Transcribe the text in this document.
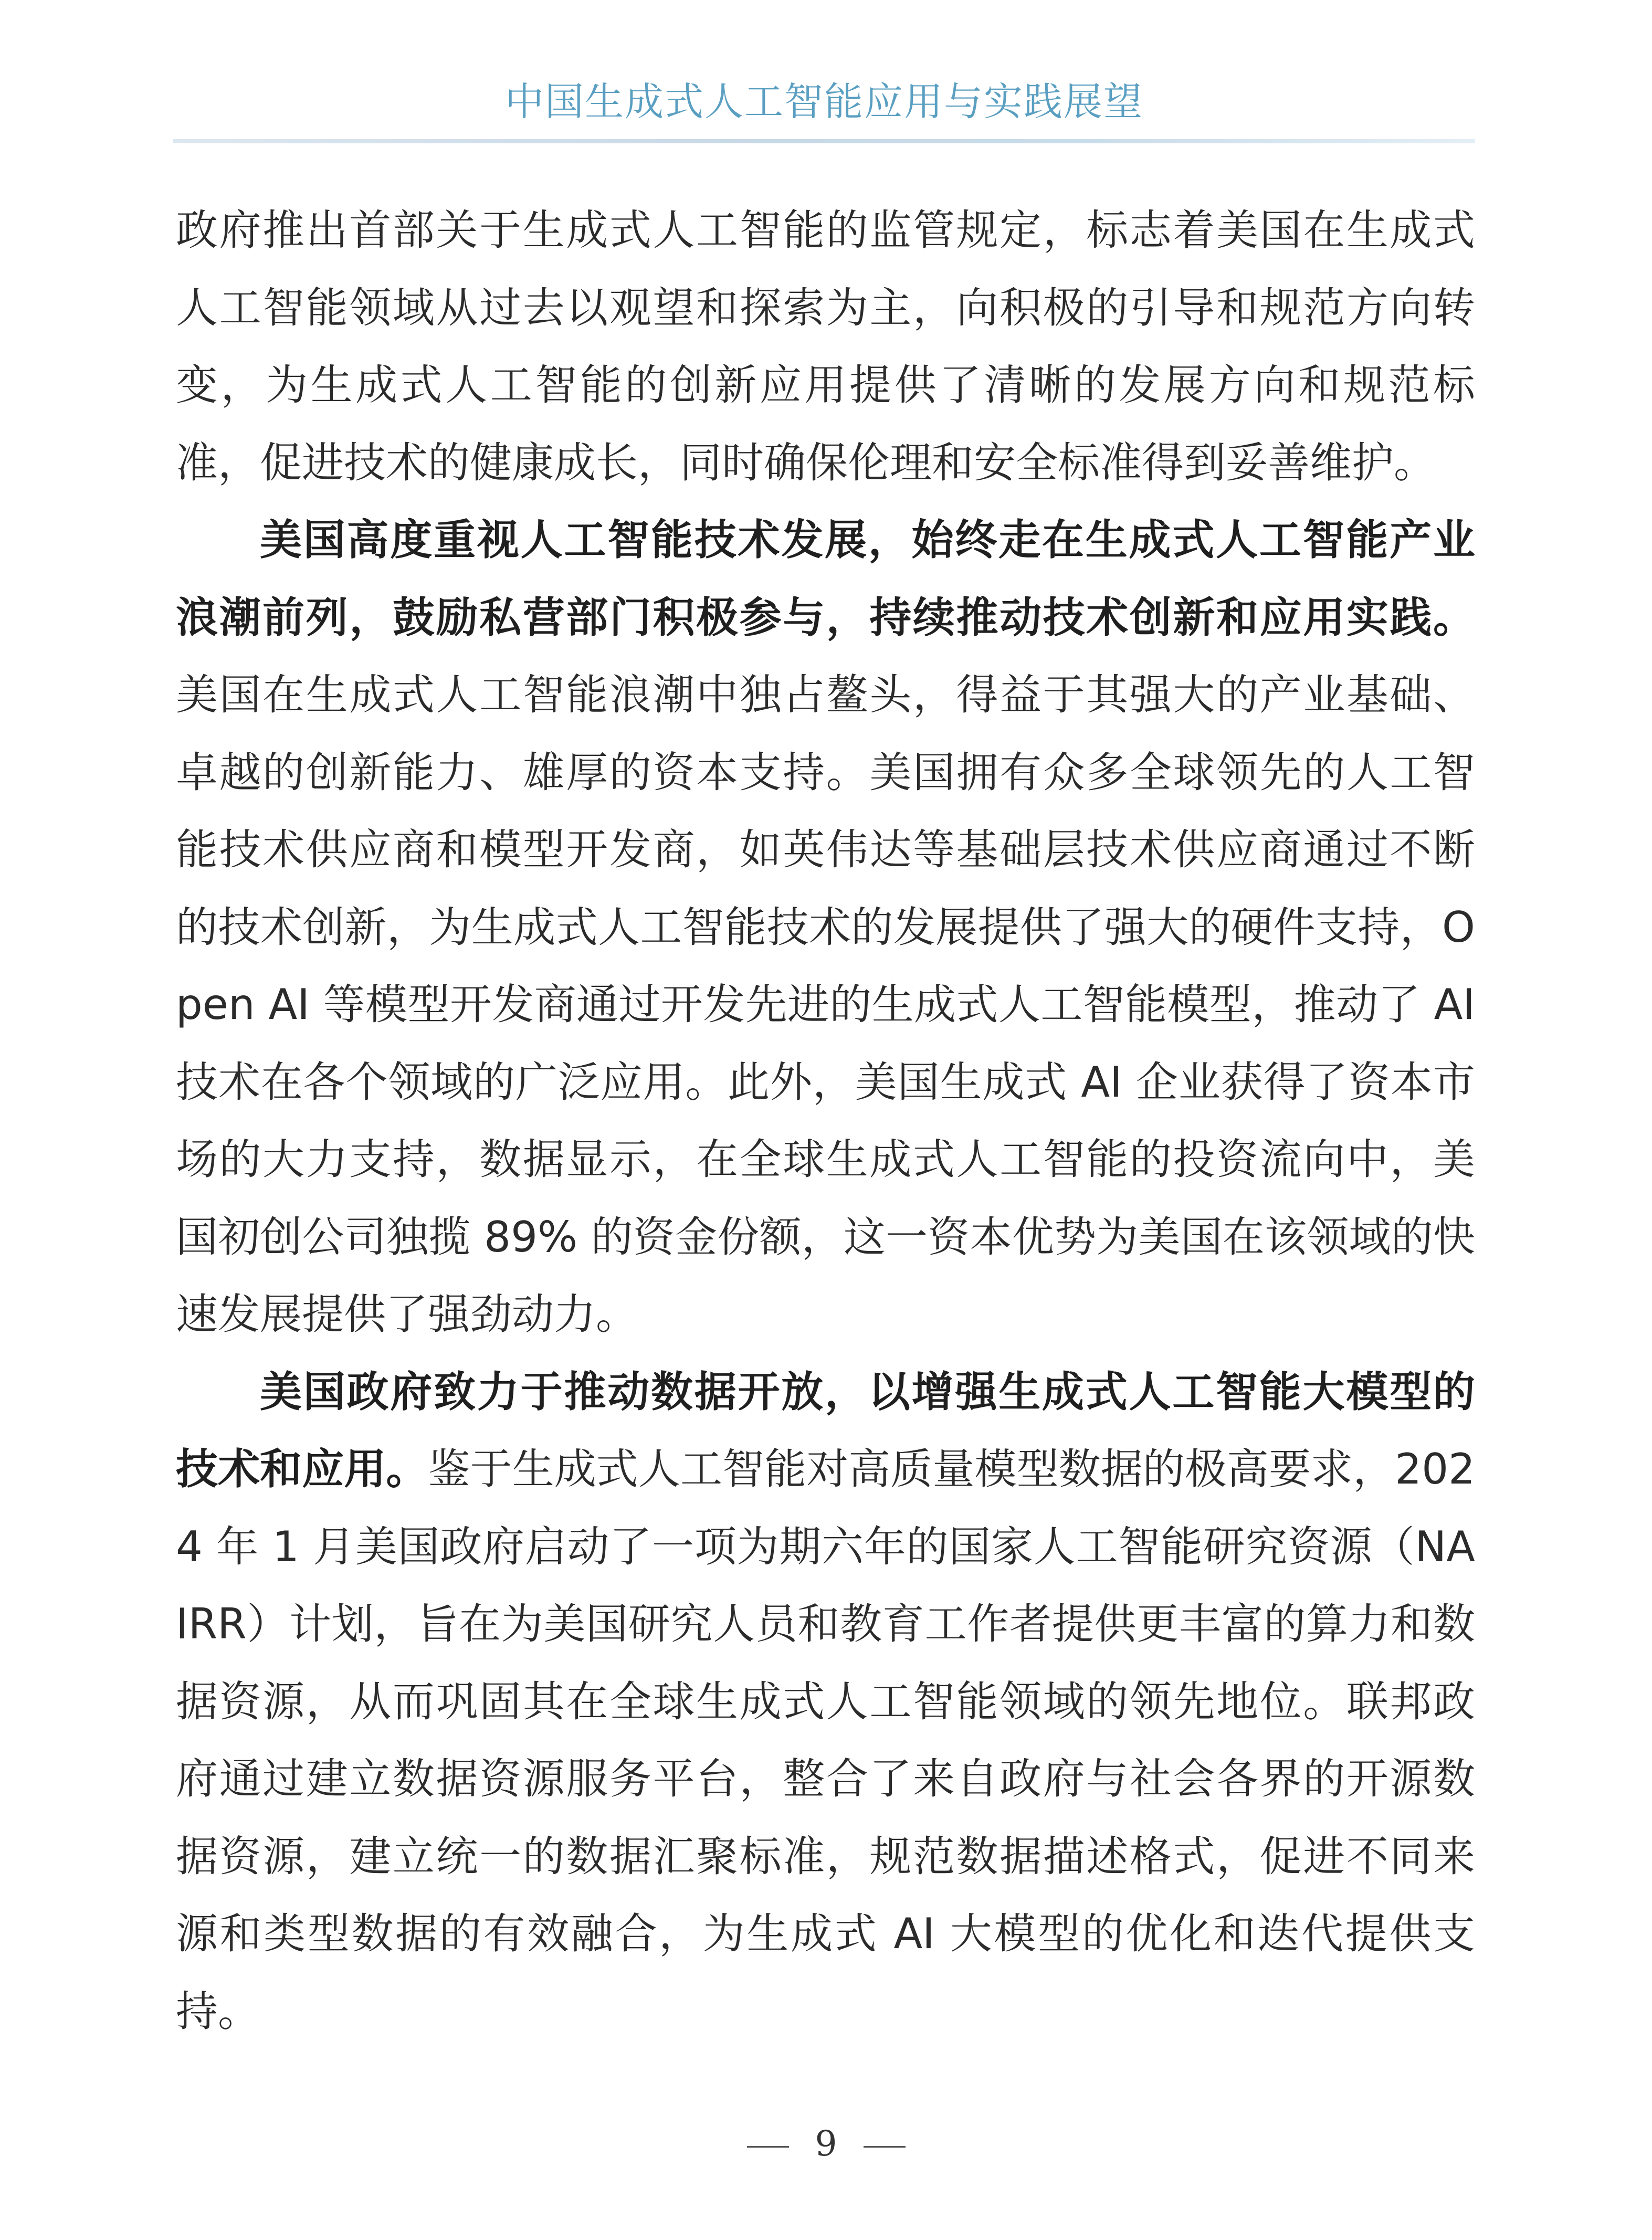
中国生成式人工智能应用与实践展望

政府推出首部关于生成式人工智能的监管规定，标志着美国在生成式人工智能领域从过去以观望和探索为主，向积极的引导和规范方向转变，为生成式人工智能的创新应用提供了清晰的发展方向和规范标准，促进技术的健康成长，同时确保伦理和安全标准得到妥善维护。

美国高度重视人工智能技术发展，始终走在生成式人工智能产业浪潮前列，鼓励私营部门积极参与，持续推动技术创新和应用实践。美国在生成式人工智能浪潮中独占鳌头，得益于其强大的产业基础、卓越的创新能力、雄厚的资本支持。美国拥有众多全球领先的人工智能技术供应商和模型开发商，如英伟达等基础层技术供应商通过不断的技术创新，为生成式人工智能技术的发展提供了强大的硬件支持，Open AI 等模型开发商通过开发先进的生成式人工智能模型，推动了 AI 技术在各个领域的广泛应用。此外，美国生成式 AI 企业获得了资本市场的大力支持，数据显示，在全球生成式人工智能的投资流向中，美国初创公司独揽 89% 的资金份额，这一资本优势为美国在该领域的快速发展提供了强劲动力。

美国政府致力于推动数据开放，以增强生成式人工智能大模型的技术和应用。鉴于生成式人工智能对高质量模型数据的极高要求，2024 年 1 月美国政府启动了一项为期六年的国家人工智能研究资源（NAIRR）计划，旨在为美国研究人员和教育工作者提供更丰富的算力和数据资源，从而巩固其在全球生成式人工智能领域的领先地位。联邦政府通过建立数据资源服务平台，整合了来自政府与社会各界的开源数据资源，建立统一的数据汇聚标准，规范数据描述格式，促进不同来源和类型数据的有效融合，为生成式 AI 大模型的优化和迭代提供支持。

9
